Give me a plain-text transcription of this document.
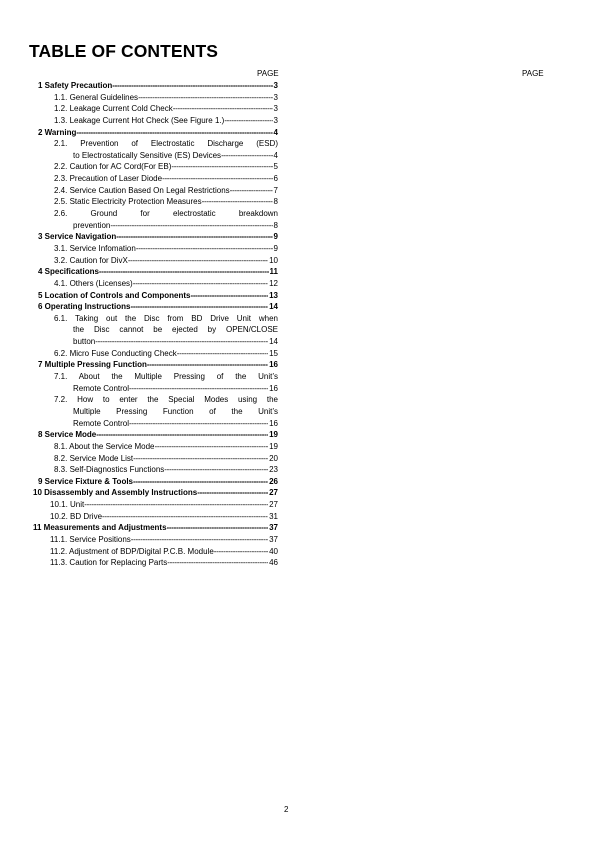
TABLE OF CONTENTS
PAGE	PAGE
1 Safety Precaution -----	3
1.1. General Guidelines -----	3
1.2. Leakage Current Cold Check -----	3
1.3. Leakage Current Hot Check (See Figure 1.) -----	3
2 Warning -----	4
2.1. Prevention of Electrostatic Discharge (ESD)
to Electrostatically Sensitive (ES) Devices -----	4
2.2. Caution for AC Cord(For EB) -----	5
2.3. Precaution of Laser Diode -----	6
2.4. Service Caution Based On Legal Restrictions -----	7
2.5. Static Electricity Protection Measures -----	8
2.6. Ground for electrostatic breakdown
prevention -----	8
3 Service Navigation -----	9
3.1. Service Infomation -----	9
3.2. Caution for DivX -----	10
4 Specifications -----	11
4.1. Others (Licenses) -----	12
5 Location of Controls and Components -----	13
6 Operating Instructions -----	14
6.1. Taking out the Disc from BD Drive Unit when
the Disc cannot be ejected by OPEN/CLOSE
button -----	14
6.2. Micro Fuse Conducting Check -----	15
7 Multiple Pressing Function -----	16
7.1. About the Multiple Pressing of the Unit’s
Remote Control -----	16
7.2. How to enter the Special Modes using the
Multiple Pressing Function of the Unit’s
Remote Control -----	16
8 Service Mode -----	19
8.1. About the Service Mode -----	19
8.2. Service Mode List -----	20
8.3. Self-Diagnostics Functions -----	23
9 Service Fixture & Tools -----	26
10 Disassembly and Assembly Instructions -----	27
10.1. Unit -----	27
10.2. BD Drive -----	31
11 Measurements and Adjustments -----	37
11.1. Service Positions -----	37
11.2. Adjustment of BDP/Digital P.C.B. Module -----	40
11.3. Caution for Replacing Parts -----	46
2
